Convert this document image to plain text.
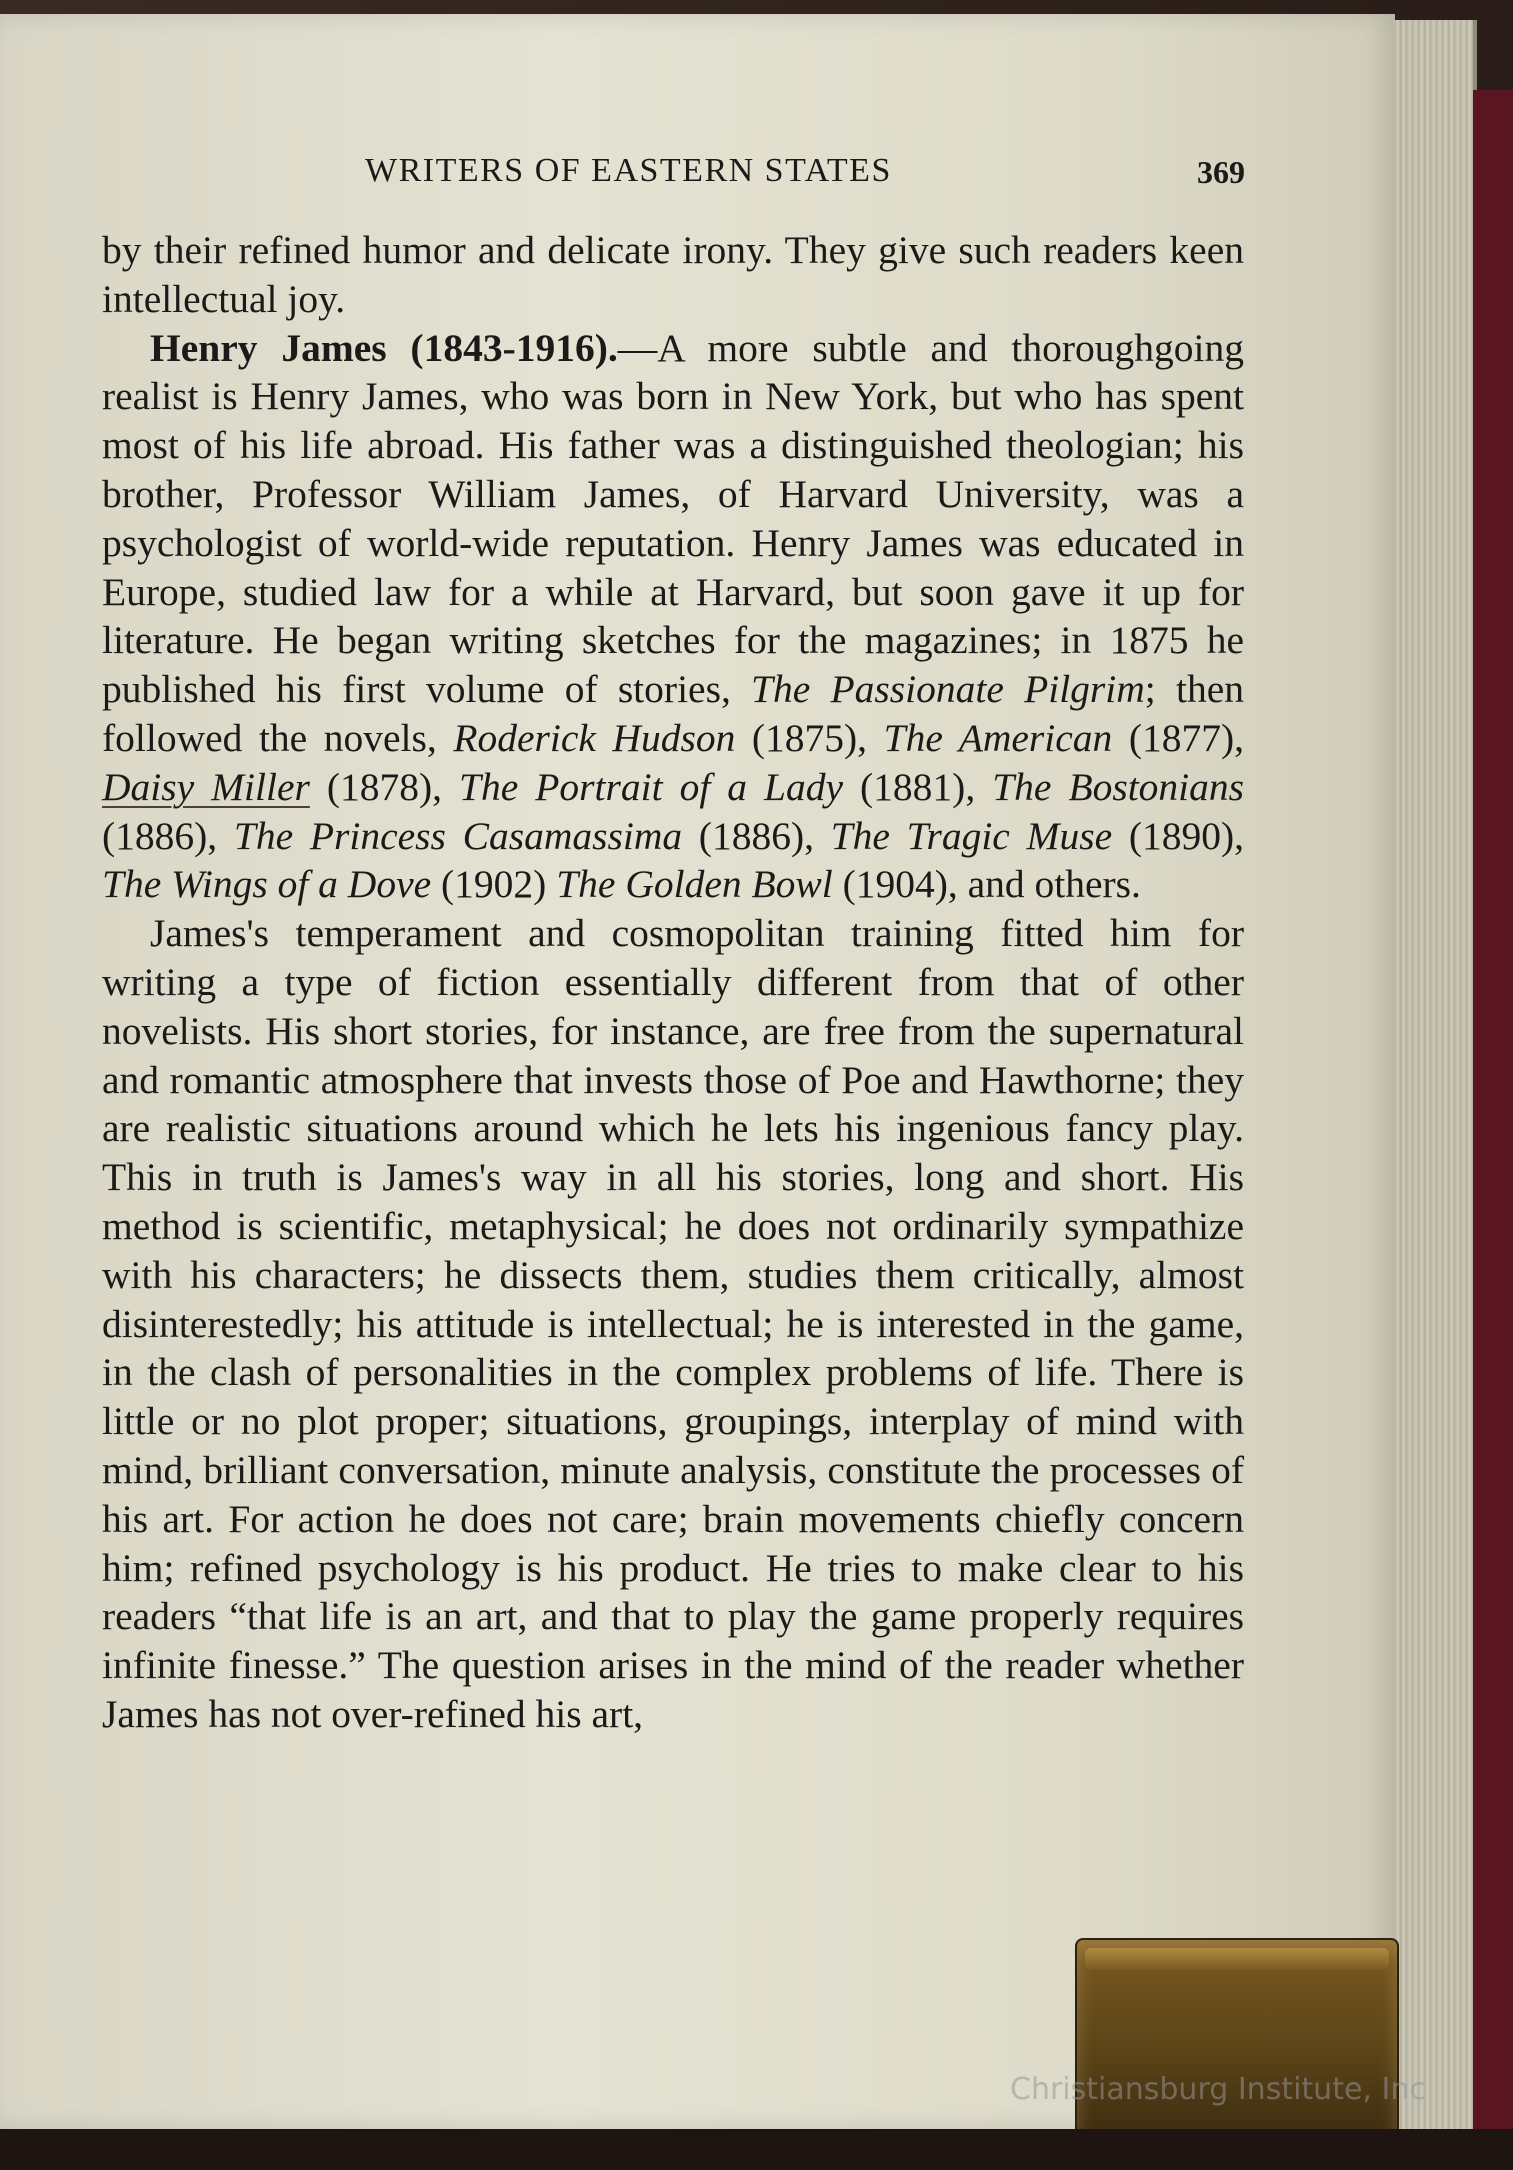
WRITERS OF EASTERN STATES	369

by their refined humor and delicate irony. They give such readers keen intellectual joy.

Henry James (1843-1916).—A more subtle and thoroughgoing realist is Henry James, who was born in New York, but who has spent most of his life abroad. His father was a distinguished theologian; his brother, Professor William James, of Harvard University, was a psychologist of world-wide reputation. Henry James was educated in Europe, studied law for a while at Harvard, but soon gave it up for literature. He began writing sketches for the magazines; in 1875 he published his first volume of stories, The Passionate Pilgrim; then followed the novels, Roderick Hudson (1875), The American (1877), Daisy Miller (1878), The Portrait of a Lady (1881), The Bostonians (1886), The Princess Casamassima (1886), The Tragic Muse (1890), The Wings of a Dove (1902) The Golden Bowl (1904), and others.

James's temperament and cosmopolitan training fitted him for writing a type of fiction essentially different from that of other novelists. His short stories, for instance, are free from the supernatural and romantic atmosphere that invests those of Poe and Hawthorne; they are realistic situations around which he lets his ingenious fancy play. This in truth is James's way in all his stories, long and short. His method is scientific, metaphysical; he does not ordinarily sympathize with his characters; he dissects them, studies them critically, almost disinterestedly; his attitude is intellectual; he is interested in the game, in the clash of personalities in the complex problems of life. There is little or no plot proper; situations, groupings, interplay of mind with mind, brilliant conversation, minute analysis, constitute the processes of his art. For action he does not care; brain movements chiefly concern him; refined psychology is his product. He tries to make clear to his readers “that life is an art, and that to play the game properly requires infinite finesse.” The question arises in the mind of the reader whether James has not over-refined his art,

Christiansburg Institute, Inc
